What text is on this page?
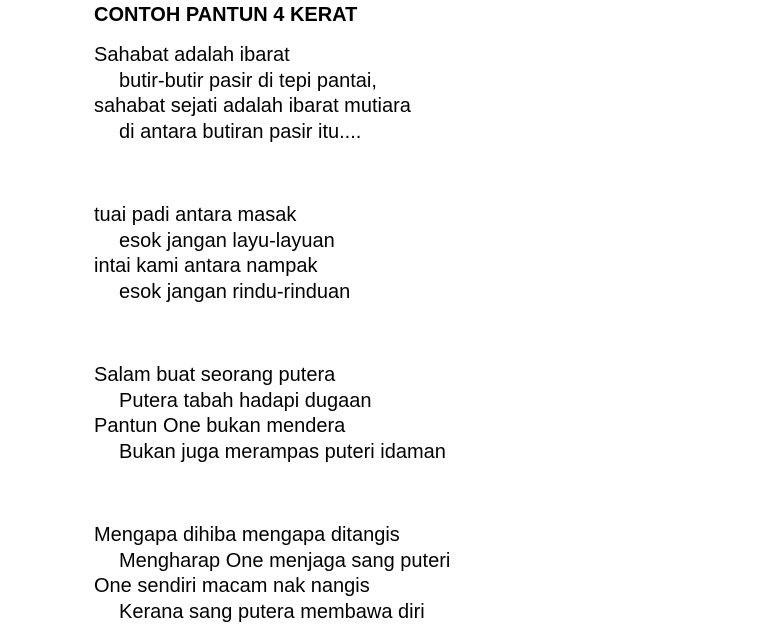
CONTOH PANTUN 4 KERAT

Sahabat adalah ibarat

butir-butir pasir di tepi pantai,

sahabat sejati adalah ibarat mutiara

di antara butiran pasir itu....

tuai padi antara masak

esok jangan layu-layuan

intai kami antara nampak

esok jangan rindu-rinduan

Salam buat seorang putera

Putera tabah hadapi dugaan

Pantun One bukan mendera

Bukan juga merampas puteri idaman

Mengapa dihiba mengapa ditangis

Mengharap One menjaga sang puteri

One sendiri macam nak nangis

Kerana sang putera membawa diri
